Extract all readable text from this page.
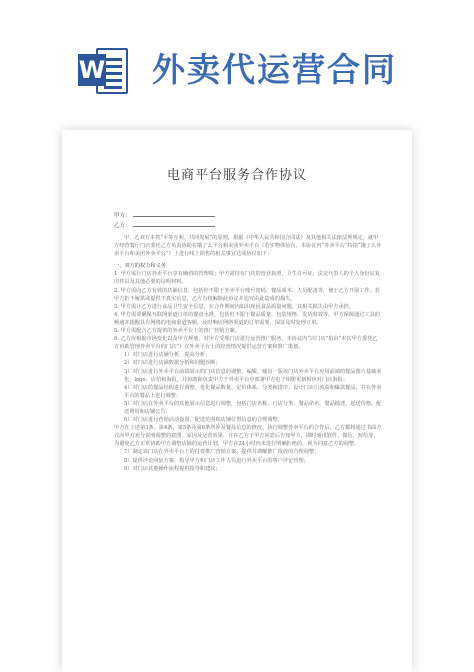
W 外卖代运营合同
电商平台服务合作协议
甲方：
乙方：

甲、乙双方本着“平等互利、共同发展”的原则，根据《中华人民共和国合同法》及其他相关法律法规规定，就甲方经营餐厅门店委托乙方负责协助在饿了么平台和美团外卖平台（若实物体验台，本协议内“外卖平台”特指“饿了么外卖平台和美团外卖平台”）上进行线上销售的相关事宜达成协议如下：

一、双方的权力和义务

1. 甲方需行门店外卖平台享有确切的管理权；甲方需持有门店的营业执照、卫生许可证、法定代表人的个人身份证复印件以及其他必要的证明材料。

2. 甲方需向乙方有效的店铺信息，包括但不限于外卖平台账号密码、餐品成本、人员配备等，便于乙方开展工作。若甲方拒不履供或提供不真实信息，乙方有权解除此协议并追究由此造成的损失。

3. 甲方需让乙方进行食品卫生安全信息，在合作期间内如出现因食品质量问题，其相关损失由甲方承担。

4. 甲方需要确保互联网渠道订单的餐食水准，包括但不限于餐品质量、包装规格、发货时效等，甲方保障通过工具的畅通并提醒具有网络的电商渠道客服，及时响应网络渠道的订单需要，保证及时处理订单。

5. 甲方需配合乙方提供的外卖平台上的推广营销方案。

6. 乙方应根据市场变化以及甲方规划，对甲方受理门店进行运营推广服务，本协议内“店门店”指由“本次甲方委托乙方协助管理外卖平台的门店”）在外卖平台上的经营情况提供运营方案和推广策划。

1）对门店进行店铺分析，提高分析；

2）对门店进行店铺数据分析和问题诊断；

3）对门店进行外卖平台前端展示的门店信息的调整、编辑，输出一版该门店外卖平台应用前端的餐品图片基础美化、logo、店招和海报，并协助和负责甲方于外卖平台中部署甲方电子相册更新相应对门店海报；

4）对门店的餐品结构进行调整，优化餐品数量、定价体系、分类和排序，设计门店引流菜和爆款餐品，并在外卖平台的餐品上进行调整；

5）对门店在外卖平台的其他展示信息进行调整，包括门店名称、门店分类、餐品命名、餐品描述、起送价格、配送费用和店铺公告；

6）对门店进行营销活动设置，配送范围和店铺位置信息的合理调整；

甲方在上述第3条、第4条、第5条及第6条所涉及餐品信息的修改，执行调整外卖平台的合作后，乙方都将通过书面方式向甲方充分说明调整的意图、原因及运营效果，并在乙方于甲方同意后告知甲方，即时通讯软件、微信、短信等，为避免乙方正常协助甲方调整店铺的运营计划，甲方在24小时内未进行明确拒绝的，视为同意乙方的调整。

7）制定该门店在外卖平台上的付费推广营销方案，提供并调解推广投放的合理调整；

8）提供评论回复方案，指导甲方和门店工作人员进行外卖平台的客户评论管理；

9）对门店其他操作流程提供指导和建议；
